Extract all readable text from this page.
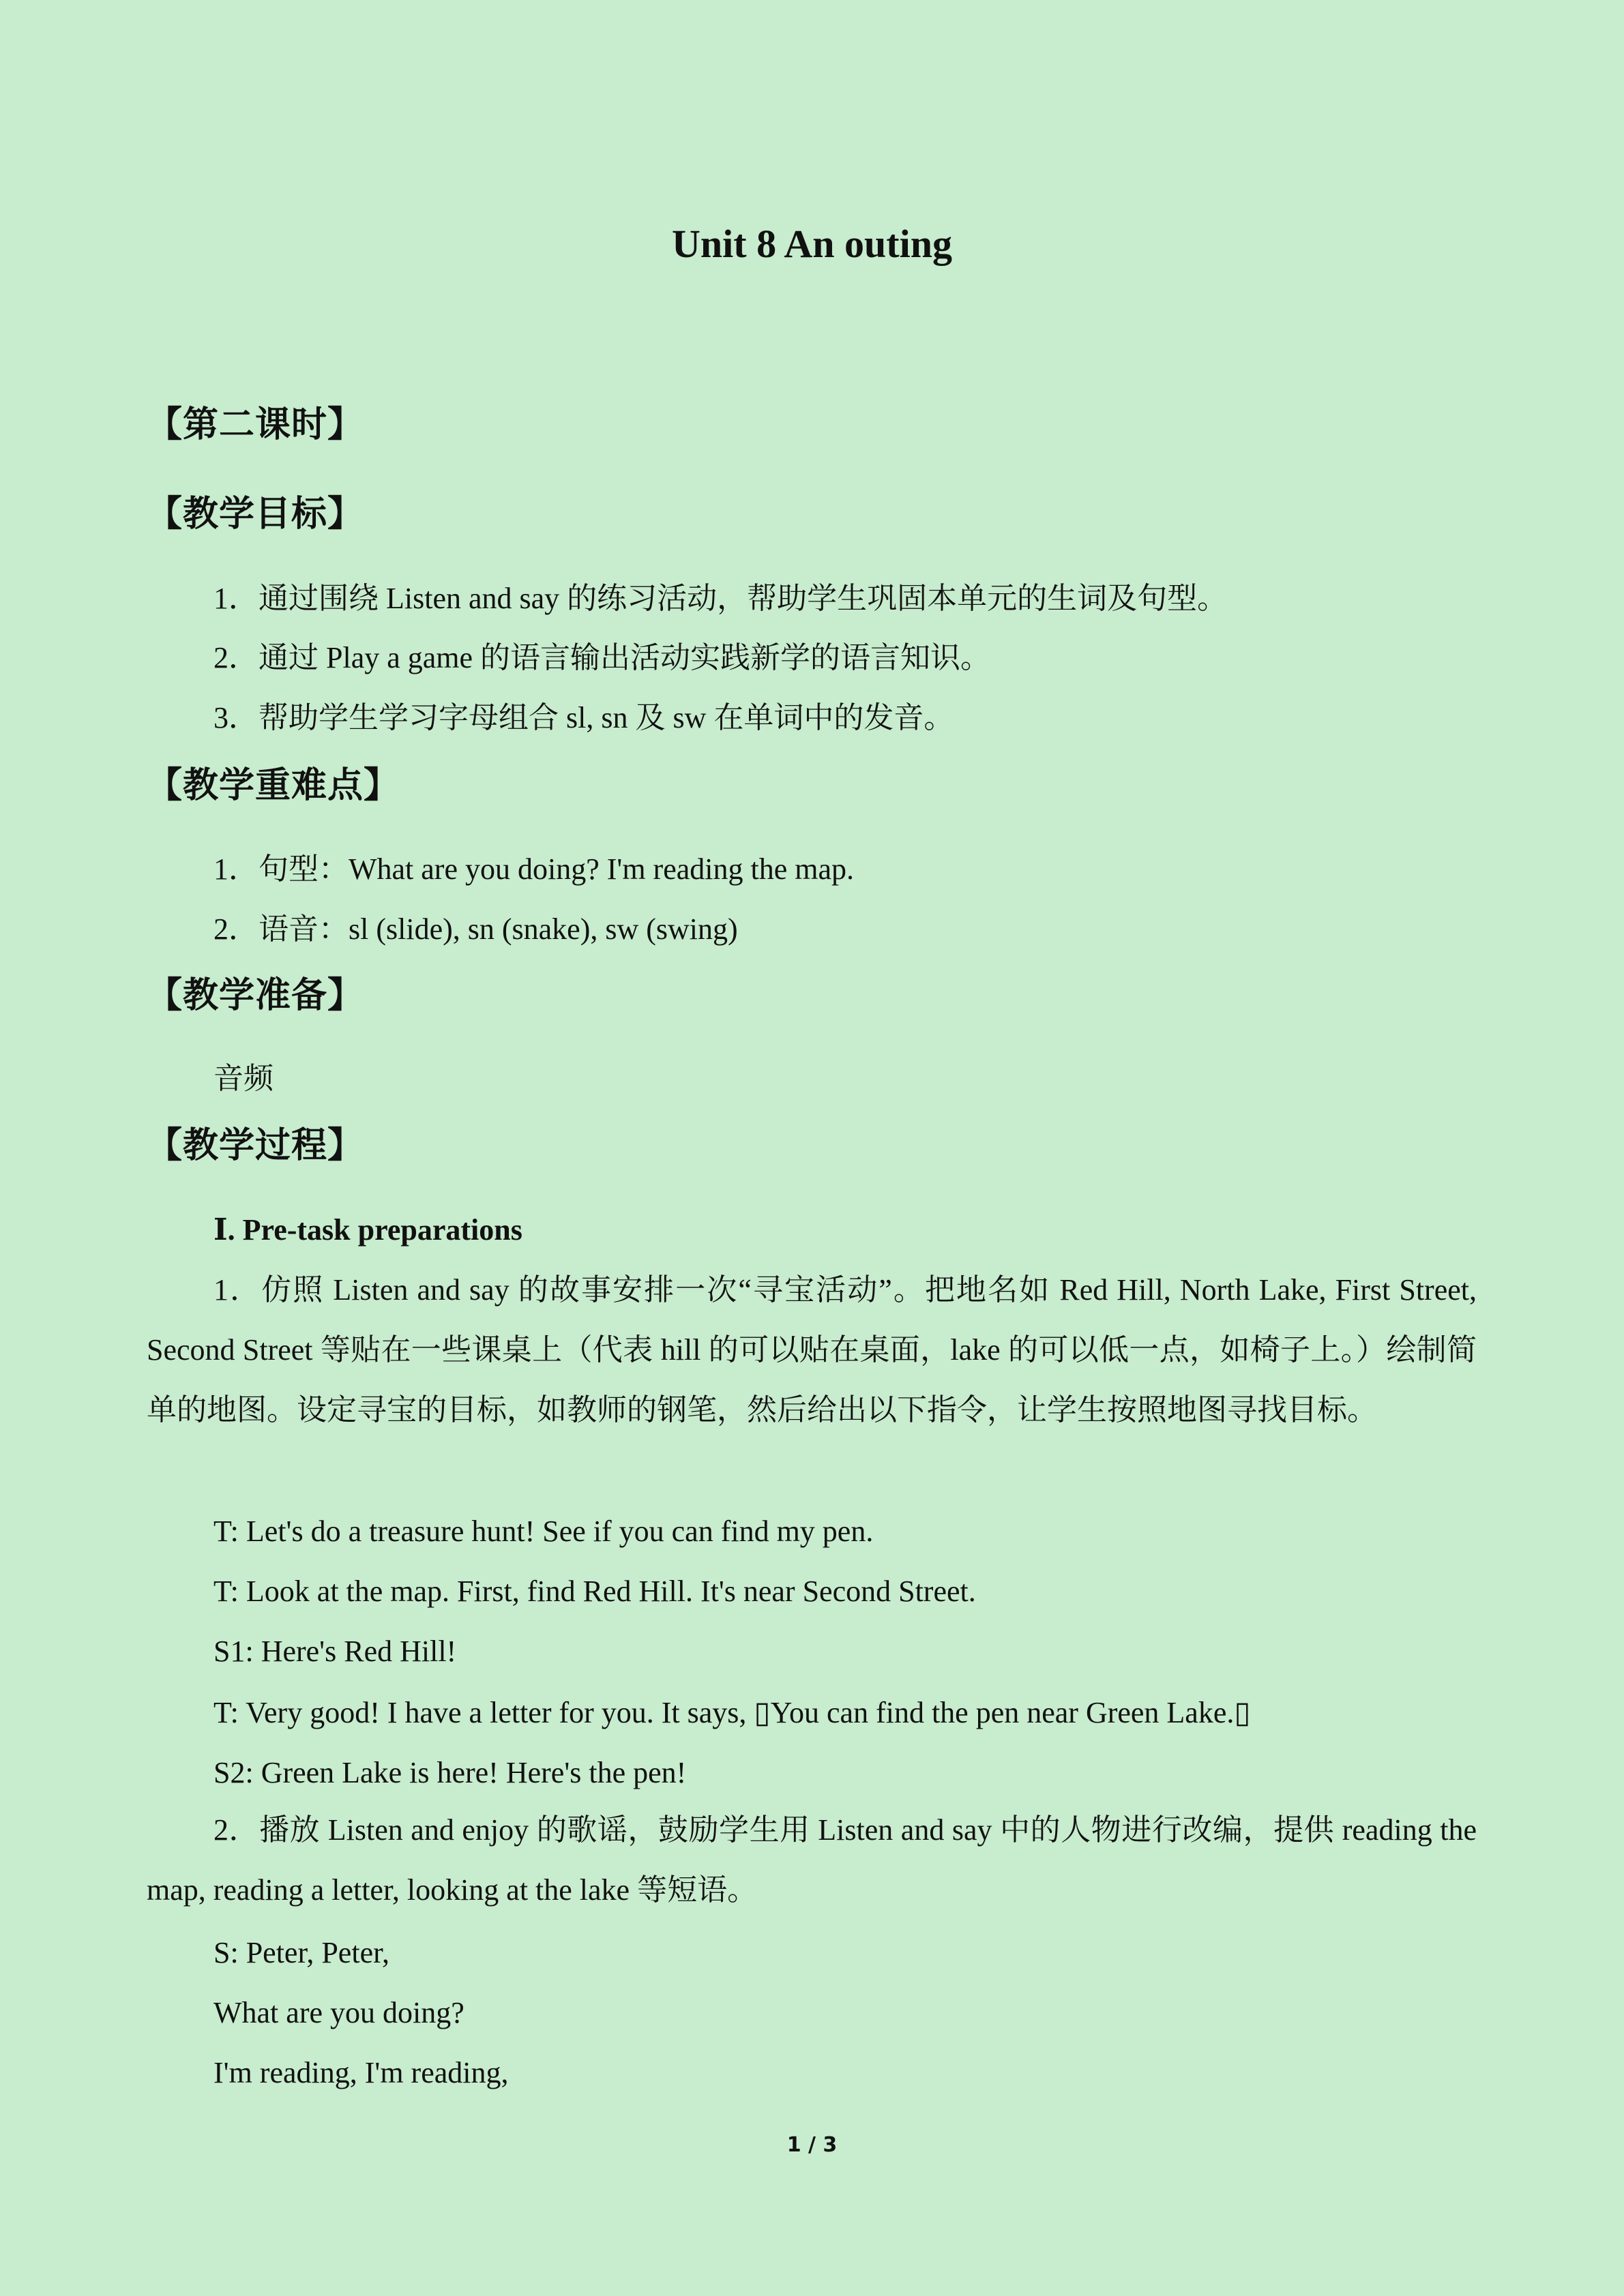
Unit 8 An outing
【第二课时】
【教学目标】
1．通过围绕 Listen and say 的练习活动，帮助学生巩固本单元的生词及句型。
2．通过 Play a game 的语言输出活动实践新学的语言知识。
3．帮助学生学习字母组合 sl, sn 及 sw 在单词中的发音。
【教学重难点】
1．句型：What are you doing? I'm reading the map.
2．语音：sl (slide), sn (snake), sw (swing)
【教学准备】
音频
【教学过程】
Ⅰ. Pre-task preparations
1．仿照 Listen and say 的故事安排一次“寻宝活动”。把地名如 Red Hill, North Lake, First Street, Second Street 等贴在一些课桌上（代表 hill 的可以贴在桌面，lake 的可以低一点，如椅子上。）绘制简单的地图。设定寻宝的目标，如教师的钢笔，然后给出以下指令，让学生按照地图寻找目标。
T: Let's do a treasure hunt! See if you can find my pen.
T: Look at the map. First, find Red Hill. It's near Second Street.
S1: Here's Red Hill!
T: Very good! I have a letter for you. It says, ▯You can find the pen near Green Lake.▯
S2: Green Lake is here! Here's the pen!
2．播放 Listen and enjoy 的歌谣，鼓励学生用 Listen and say 中的人物进行改编，提供 reading the map, reading a letter, looking at the lake 等短语。
S: Peter, Peter,
What are you doing?
I'm reading, I'm reading,
1 / 3
